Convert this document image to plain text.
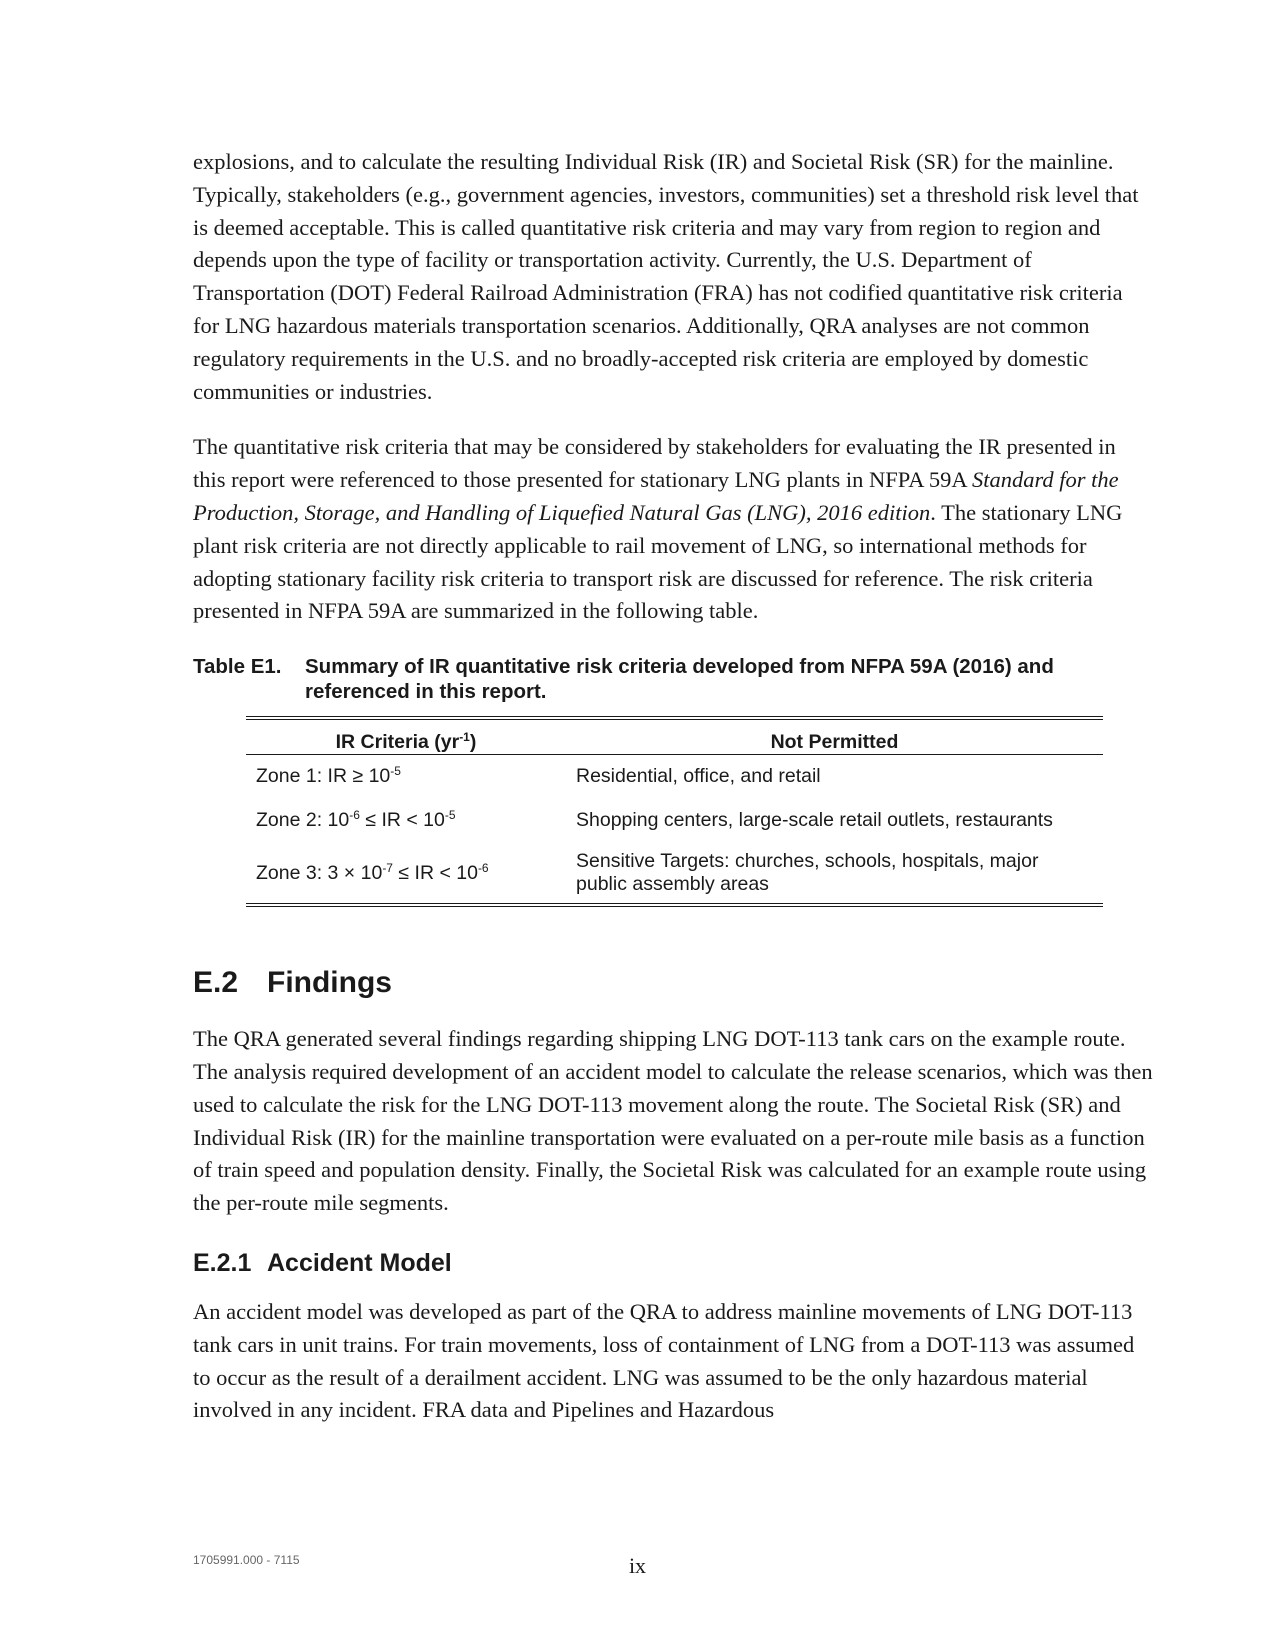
explosions, and to calculate the resulting Individual Risk (IR) and Societal Risk (SR) for the mainline. Typically, stakeholders (e.g., government agencies, investors, communities) set a threshold risk level that is deemed acceptable. This is called quantitative risk criteria and may vary from region to region and depends upon the type of facility or transportation activity. Currently, the U.S. Department of Transportation (DOT) Federal Railroad Administration (FRA) has not codified quantitative risk criteria for LNG hazardous materials transportation scenarios. Additionally, QRA analyses are not common regulatory requirements in the U.S. and no broadly-accepted risk criteria are employed by domestic communities or industries.

The quantitative risk criteria that may be considered by stakeholders for evaluating the IR presented in this report were referenced to those presented for stationary LNG plants in NFPA 59A Standard for the Production, Storage, and Handling of Liquefied Natural Gas (LNG), 2016 edition. The stationary LNG plant risk criteria are not directly applicable to rail movement of LNG, so international methods for adopting stationary facility risk criteria to transport risk are discussed for reference. The risk criteria presented in NFPA 59A are summarized in the following table.

Table E1.	Summary of IR quantitative risk criteria developed from NFPA 59A (2016) and referenced in this report.
IR Criteria $(yr^{-1})$	Not Permitted
Zone 1: IR ≥ $10^{-5}$	Residential, office, and retail
Zone 2: $10^{-6}$ ≤ IR < $10^{-5}$	Shopping centers, large-scale retail outlets, restaurants
Zone 3: $3 \times 10^{-7}$ ≤ IR < $10^{-6}$	Sensitive Targets: churches, schools, hospitals, major public assembly areas
E.2 Findings

The QRA generated several findings regarding shipping LNG DOT-113 tank cars on the example route. The analysis required development of an accident model to calculate the release scenarios, which was then used to calculate the risk for the LNG DOT-113 movement along the route. The Societal Risk (SR) and Individual Risk (IR) for the mainline transportation were evaluated on a per-route mile basis as a function of train speed and population density. Finally, the Societal Risk was calculated for an example route using the per-route mile segments.

E.2.1 Accident Model

An accident model was developed as part of the QRA to address mainline movements of LNG DOT-113 tank cars in unit trains. For train movements, loss of containment of LNG from a DOT-113 was assumed to occur as the result of a derailment accident. LNG was assumed to be the only hazardous material involved in any incident. FRA data and Pipelines and Hazardous

1705991.000 - 7115	ix
